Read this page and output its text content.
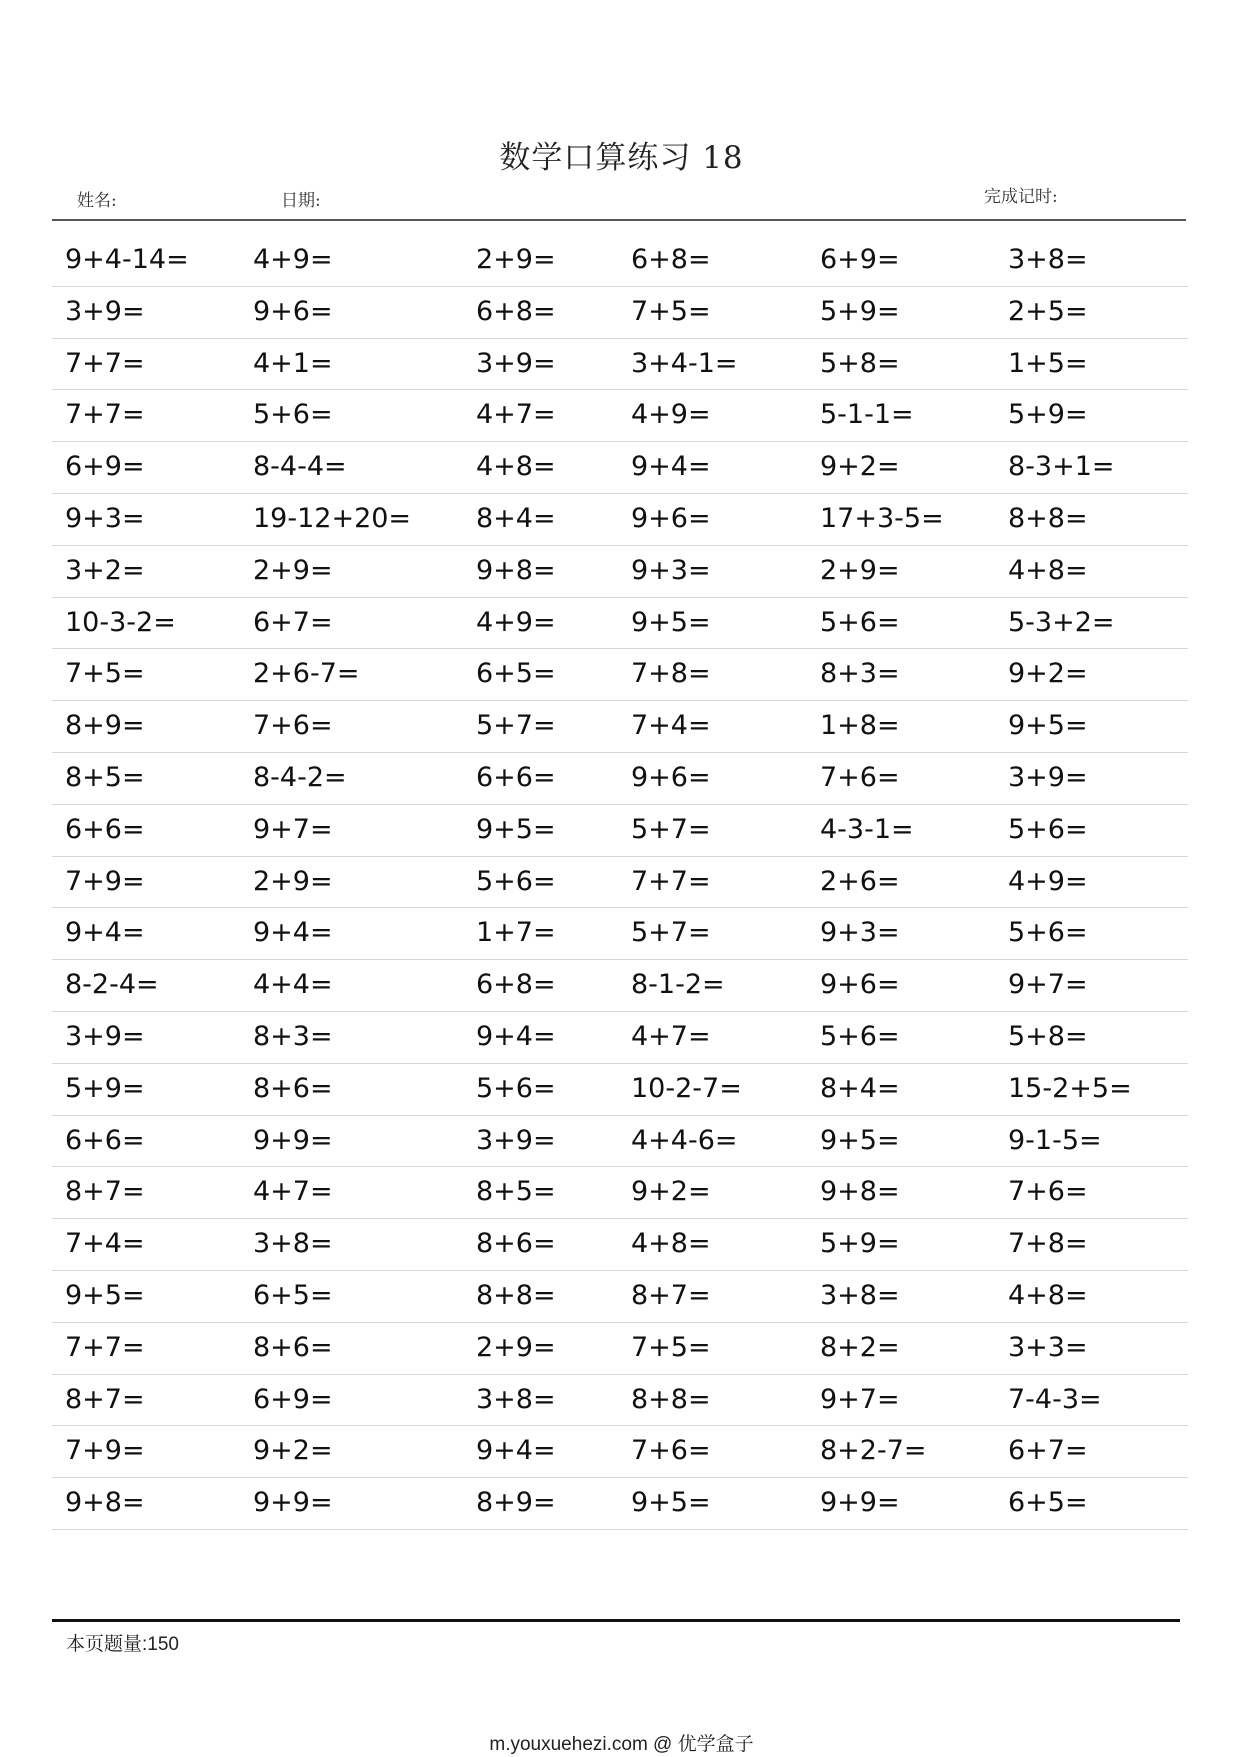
数学口算练习 18
姓名:	日期:	完成记时:
9+4-14= 4+9=	2+9=	6+8=	6+9=	3+8=
3+9=	9+6=	6+8=	7+5=	5+9=	2+5=
7+7=	4+1=	3+9=	3+4-1=	5+8=	1+5=
7+7=	5+6=	4+7=	4+9=	5-1-1=	5+9=
6+9=	8-4-4=	4+8=	9+4=	9+2=	8-3+1=
9+3=	19-12+20= 8+4=	9+6=	17+3-5= 8+8=
3+2=	2+9=	9+8=	9+3=	2+9=	4+8=
10-3-2=	6+7=	4+9=	9+5=	5+6=	5-3+2=
7+5=	2+6-7=	6+5=	7+8=	8+3=	9+2=
8+9=	7+6=	5+7=	7+4=	1+8=	9+5=
8+5=	8-4-2=	6+6=	9+6=	7+6=	3+9=
6+6=	9+7=	9+5=	5+7=	4-3-1=	5+6=
7+9=	2+9=	5+6=	7+7=	2+6=	4+9=
9+4=	9+4=	1+7=	5+7=	9+3=	5+6=
8-2-4=	4+4=	6+8=	8-1-2=	9+6=	9+7=
3+9=	8+3=	9+4=	4+7=	5+6=	5+8=
5+9=	8+6=	5+6=	10-2-7=	8+4=	15-2+5=
6+6=	9+9=	3+9=	4+4-6=	9+5=	9-1-5=
8+7=	4+7=	8+5=	9+2=	9+8=	7+6=
7+4=	3+8=	8+6=	4+8=	5+9=	7+8=
9+5=	6+5=	8+8=	8+7=	3+8=	4+8=
7+7=	8+6=	2+9=	7+5=	8+2=	3+3=
8+7=	6+9=	3+8=	8+8=	9+7=	7-4-3=
7+9=	9+2=	9+4=	7+6=	8+2-7=	6+7=
9+8=	9+9=	8+9=	9+5=	9+9=	6+5=
本页题量:150
m.youxuehezi.com @ 优学盒子
